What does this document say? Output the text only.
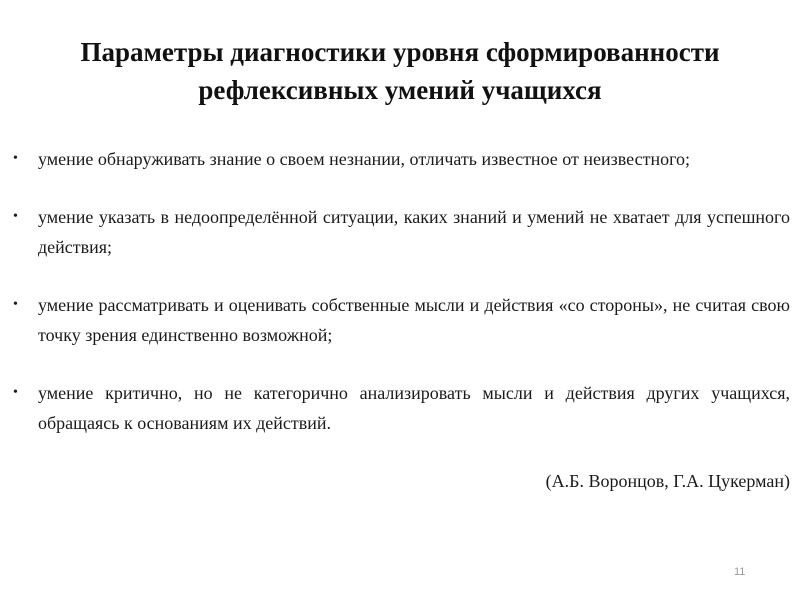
Параметры диагностики уровня сформированности
рефлексивных умений учащихся
• умение обнаруживать знание о своем незнании, отличать известное от неизвестного;
• умение указать в недоопределённой ситуации, каких знаний и умений не хватает для успешного действия;
• умение рассматривать и оценивать собственные мысли и действия «со стороны», не считая свою точку зрения единственно возможной;
• умение критично, но не категорично анализировать мысли и действия других учащихся, обращаясь к основаниям их действий.

(А.Б. Воронцов, Г.А. Цукерман)

11
